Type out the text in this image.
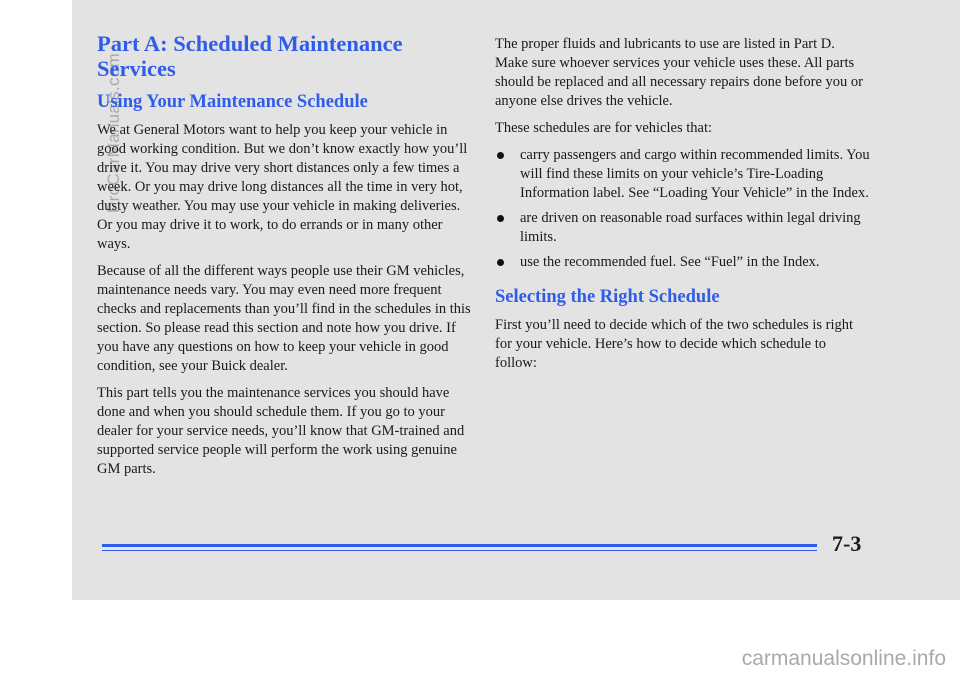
ProCarManuals.com
Part A: Scheduled Maintenance Services
Using Your Maintenance Schedule

We at General Motors want to help you keep your vehicle in good working condition. But we don’t know exactly how you’ll drive it. You may drive very short distances only a few times a week. Or you may drive long distances all the time in very hot, dusty weather. You may use your vehicle in making deliveries. Or you may drive it to work, to do errands or in many other ways.

Because of all the different ways people use their GM vehicles, maintenance needs vary. You may even need more frequent checks and replacements than you’ll find in the schedules in this section. So please read this section and note how you drive. If you have any questions on how to keep your vehicle in good condition, see your Buick dealer.

This part tells you the maintenance services you should have done and when you should schedule them. If you go to your dealer for your service needs, you’ll know that GM-trained and supported service people will perform the work using genuine GM parts.

The proper fluids and lubricants to use are listed in Part D. Make sure whoever services your vehicle uses these. All parts should be replaced and all necessary repairs done before you or anyone else drives the vehicle.

These schedules are for vehicles that:

carry passengers and cargo within recommended limits. You will find these limits on your vehicle’s Tire-Loading Information label. See “Loading Your Vehicle” in the Index.
are driven on reasonable road surfaces within legal driving limits.
use the recommended fuel. See “Fuel” in the Index.
Selecting the Right Schedule

First you’ll need to decide which of the two schedules is right for your vehicle. Here’s how to decide which schedule to follow:

7-3
carmanualsonline.info
